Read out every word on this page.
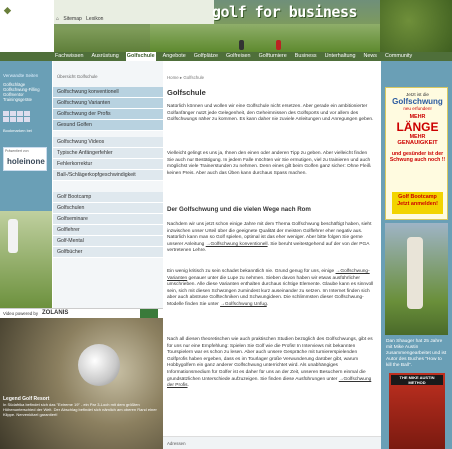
◆
⌂ Sitemap Lexikon	golf for business
Fachwissen Ausrüstung Golfschule Angebote Golfplätze Golfreisen Golfturniere Business Unterhaltung News Community
Verwandte Seiten
Golfschläge
Golfschwung-Filling
Golfmentor
Trainingsgeräte
Bookmarken bei
Präsentiert von
holeinone
Übersicht Golfschule
Golfschwung konventionell
Golfschwung Varianten
Golfschwung der Profis
Gesund Golfen
Golfschwung Videos
Typische Anfängerfehler
Fehlerkorrektur
Ball-/Schlägerkopfgeschwindigkeit
Golf Bootcamp
Golfschulen
Golfseminare
Golflehrer
Golf-Mental
Golfbücher
Video powered by ZOLANIS
Legend Golf Resort
In Südafrika befindet sich das "Extreme 19" - ein Par 3-Loch mit dem größten Höhenunterschied der Welt. Der Abschlag befindet sich nämlich am oberen Rand einer Klippe. Nervenkitzel garantiert!
Home ▸ Golfschule
Golfschule
Natürlich können und wollen wir eine Golfschule nicht ersetzen. Aber gerade ein ambitionierter Golfanfänger nutzt jede Gelegenheit, den Geheimnissen des Golfsports und vor allem des Golfschwungs näher zu kommen. Es kann daher nie zuviele Anleitungen und Anregungen geben.
Vielleicht gelingt es uns ja, Ihnen den einen oder anderen Tipp zu geben. Aber vielleicht finden Sie auch nur Bestätigung. In jedem Falle möchten wir Sie ermutigen, viel zu trainieren und auch möglichst viele Trainerstunden zu nehmen. Denn eines gilt beim Golfen ganz sicher: Ohne Fleiß keinen Preis. Aber auch das Üben kann durchaus Spass machen.
Der Golfschwung und die vielen Wege nach Rom
Nachdem wir uns jetzt schon einige Jahre mit dem Thema Golfschwung beschäftigt haben, sieht inzwischen unser Urteil über die geeignete Qualität der meisten Golflehrer eher negativ aus. Natürlich kann man so Golf spielen, optimal ist das eher weniger. Aber bitte folgen Sie gerne unserer Anleitung →Golfschwung konventionell. Sie beruht weitestgehend auf der von der PGA vertretenen Lehre.
Ein wenig kritisch zu sein schadet bekanntlich nie. Grund genug für uns, einige →Golfschwung-Varianten genauer unter die Lupe zu nehmen. Sieben davon haben wir etwas ausführlicher umschrieben. Alle diese Varianten enthalten durchaus richtige Elemente. Glaube kann es sinnvoll sein, sich mit diesen Schwüngen zumindest kurz auseinander zu setzen. Im Internet finden sich aber auch abstruse Golftechniken und Schwungideen. Die schlimmsten dieser Golfschwung-Modelle finden Sie unter →Golfschwung Unfug.
Nach all diesen theoretischen wie auch praktischen Studien bezüglich des Golfschwungs, gibt es für uns nur eine Empfehlung: Spielen Sie Golf wie die Profis! In Interviews mit bekannten Tourspielern war es schon zu lesen. Aber auch unsere Gespräche mit turniererspielenden Golfprofis haben ergeben, dass es im Tourlager große Verwunderung darüber gibt, warum Hobbygolfern ein ganz anderer Golfschwung unterrichtet wird. Als unabhängiges Informationsmedium für Golfer ist es daher für uns an der Zeit, unseren Besuchern einmal die grundsätzlichen Unterschiede aufzuzeigen. Sie finden diese Ausführungen unter →Golfschwung der Profis.
Adressen
Jetzt ist die
Golfschwung
neu erfunden!
MEHR
LÄNGE
MEHR
GENAUIGKEIT
und gesünder ist der Schwung auch noch !!
Golf Bootcamp Jetzt anmelden!
Dan Shauger hat 25 Jahre mit Mike Austin zusammengearbeitet und ist Autor des Buches "How to kill the Ball".
THE MIKE AUSTIN METHOD
